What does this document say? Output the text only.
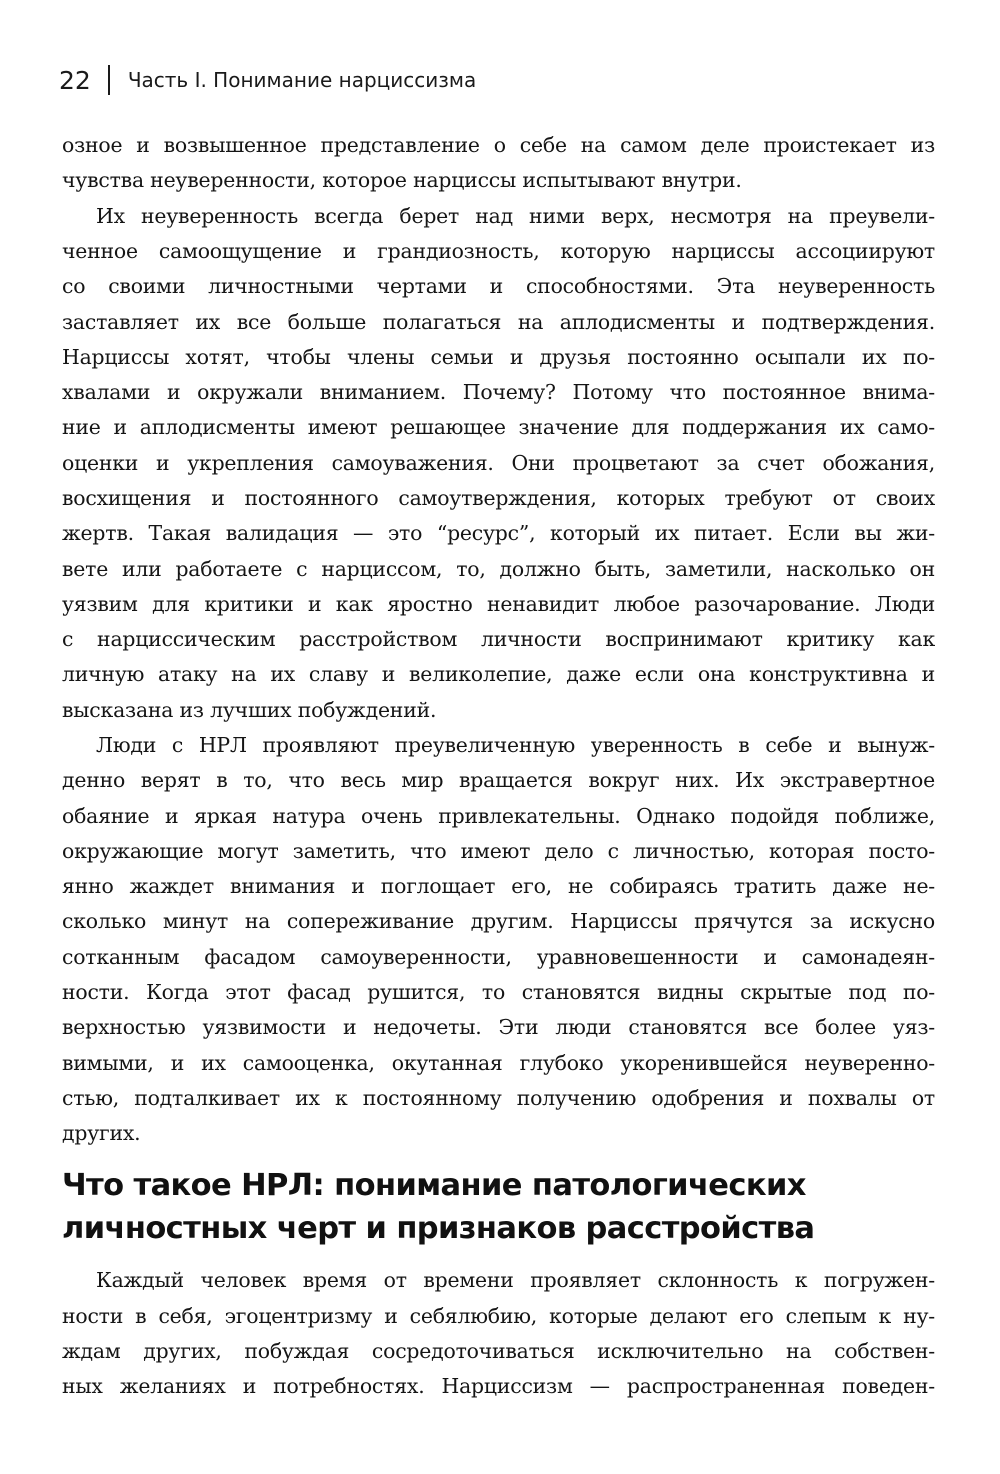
22 Часть I. Понимание нарциссизма
озное и возвышенное представление о себе на самом деле проистекает из
чувства неуверенности, которое нарциссы испытывают внутри.
Их неуверенность всегда берет над ними верх, несмотря на преувели-
ченное самоощущение и грандиозность, которую нарциссы ассоциируют
со своими личностными чертами и способностями. Эта неуверенность
заставляет их все больше полагаться на аплодисменты и подтверждения.
Нарциссы хотят, чтобы члены семьи и друзья постоянно осыпали их по-
хвалами и окружали вниманием. Почему? Потому что постоянное внима-
ние и аплодисменты имеют решающее значение для поддержания их само-
оценки и укрепления самоуважения. Они процветают за счет обожания,
восхищения и постоянного самоутверждения, которых требуют от своих
жертв. Такая валидация — это “ресурс”, который их питает. Если вы жи-
вете или работаете с нарциссом, то, должно быть, заметили, насколько он
уязвим для критики и как яростно ненавидит любое разочарование. Люди
с нарциссическим расстройством личности воспринимают критику как
личную атаку на их славу и великолепие, даже если она конструктивна и
высказана из лучших побуждений.
Люди с НРЛ проявляют преувеличенную уверенность в себе и вынуж-
денно верят в то, что весь мир вращается вокруг них. Их экстравертное
обаяние и яркая натура очень привлекательны. Однако подойдя поближе,
окружающие могут заметить, что имеют дело с личностью, которая посто-
янно жаждет внимания и поглощает его, не собираясь тратить даже не-
сколько минут на сопереживание другим. Нарциссы прячутся за искусно
сотканным фасадом самоуверенности, уравновешенности и самонадеян-
ности. Когда этот фасад рушится, то становятся видны скрытые под по-
верхностью уязвимости и недочеты. Эти люди становятся все более уяз-
вимыми, и их самооценка, окутанная глубоко укоренившейся неуверенно-
стью, подталкивает их к постоянному получению одобрения и похвалы от
других.
Что такое НРЛ: понимание патологических
личностных черт и признаков расстройства
Каждый человек время от времени проявляет склонность к погружен-
ности в себя, эгоцентризму и себялюбию, которые делают его слепым к ну-
ждам других, побуждая сосредоточиваться исключительно на собствен-
ных желаниях и потребностях. Нарциссизм — распространенная поведен-
